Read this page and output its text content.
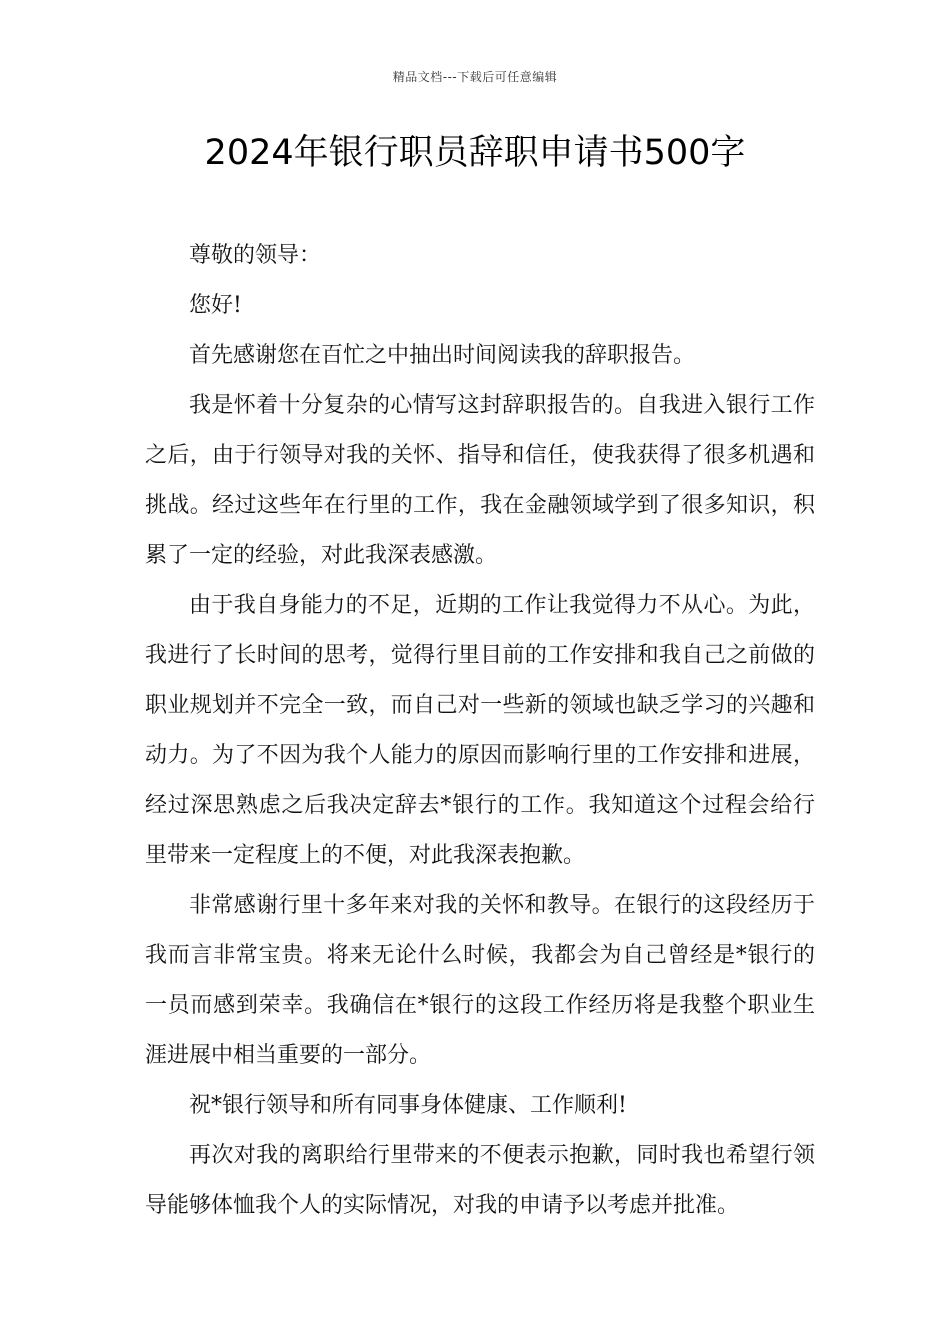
精品文档---下载后可任意编辑
2024年银行职员辞职申请书500字

尊敬的领导：

您好!

首先感谢您在百忙之中抽出时间阅读我的辞职报告。

我是怀着十分复杂的心情写这封辞职报告的。自我进入银行工作之后，由于行领导对我的关怀、指导和信任，使我获得了很多机遇和挑战。经过这些年在行里的工作，我在金融领域学到了很多知识，积累了一定的经验，对此我深表感激。

由于我自身能力的不足，近期的工作让我觉得力不从心。为此，我进行了长时间的思考，觉得行里目前的工作安排和我自己之前做的职业规划并不完全一致，而自己对一些新的领域也缺乏学习的兴趣和动力。为了不因为我个人能力的原因而影响行里的工作安排和进展，经过深思熟虑之后我决定辞去*银行的工作。我知道这个过程会给行里带来一定程度上的不便，对此我深表抱歉。

非常感谢行里十多年来对我的关怀和教导。在银行的这段经历于我而言非常宝贵。将来无论什么时候，我都会为自己曾经是*银行的一员而感到荣幸。我确信在*银行的这段工作经历将是我整个职业生涯进展中相当重要的一部分。

祝*银行领导和所有同事身体健康、工作顺利!

再次对我的离职给行里带来的不便表示抱歉，同时我也希望行领导能够体恤我个人的实际情况，对我的申请予以考虑并批准。
